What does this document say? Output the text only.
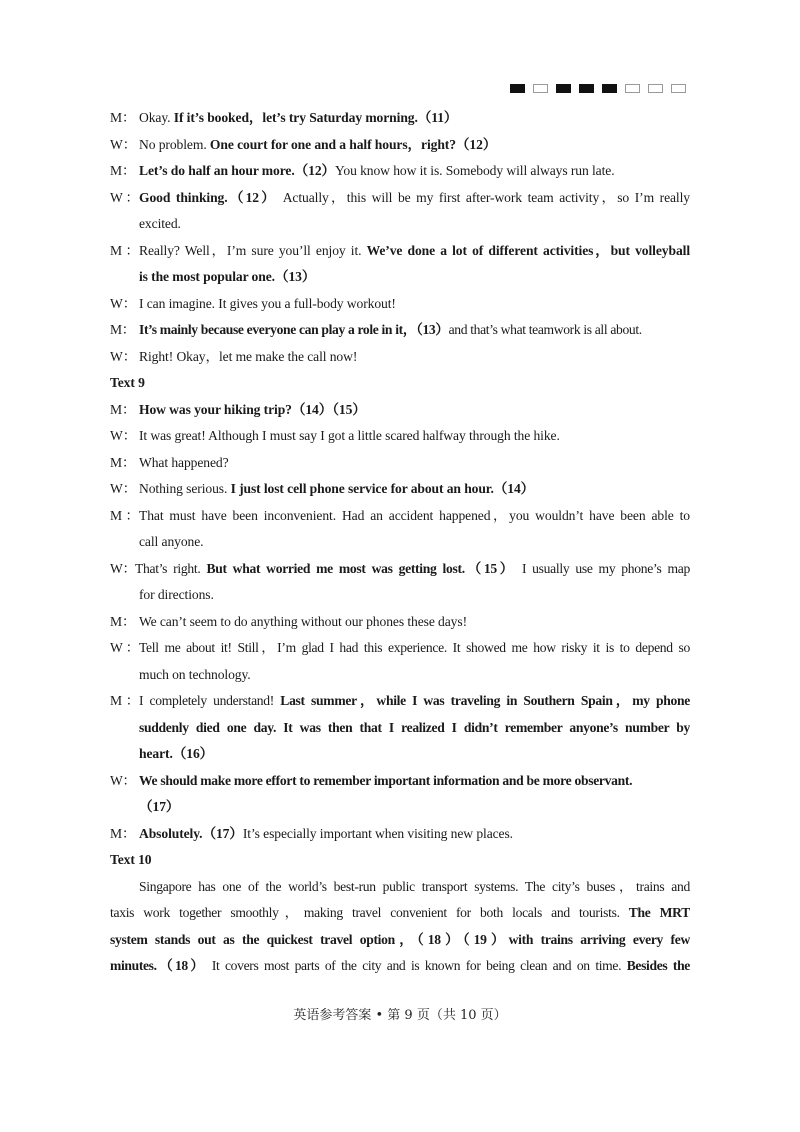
M： Okay. If it’s booked，let’s try Saturday morning.（11）
W： No problem. One court for one and a half hours，right?（12）
M： Let’s do half an hour more.（12）You know how it is. Somebody will always run late.
W：Good thinking.（12） Actually，this will be my first after-work team activity，so I’m really
excited.
M：Really? Well，I’m sure you’ll enjoy it. We’ve done a lot of different activities，but volleyball
is the most popular one.（13）
W： I can imagine. It gives you a full-body workout!
M： It’s mainly because everyone can play a role in it，（13）and that’s what teamwork is all about.
W： Right! Okay，let me make the call now!
Text 9
M： How was your hiking trip?（14）（15）
W： It was great! Although I must say I got a little scared halfway through the hike.
M： What happened?
W： Nothing serious. I just lost cell phone service for about an hour.（14）
M：That must have been inconvenient. Had an accident happened，you wouldn’t have been able to
call anyone.
W：That’s right. But what worried me most was getting lost.（15） I usually use my phone’s map
for directions.
M： We can’t seem to do anything without our phones these days!
W：Tell me about it! Still，I’m glad I had this experience. It showed me how risky it is to depend so
much on technology.
M：I completely understand! Last summer，while I was traveling in Southern Spain，my phone
suddenly died one day. It was then that I realized I didn’t remember anyone’s number by
heart.（16）
W： We should make more effort to remember important information and be more observant.
（17）
M： Absolutely.（17）It’s especially important when visiting new places.
Text 10
Singapore has one of the world’s best-run public transport systems. The city’s buses，trains and
taxis work together smoothly，making travel convenient for both locals and tourists. The MRT
system stands out as the quickest travel option，（18）（19）with trains arriving every few
minutes.（18） It covers most parts of the city and is known for being clean and on time. Besides the
英语参考答案 • 第 9 页（共 10 页）
